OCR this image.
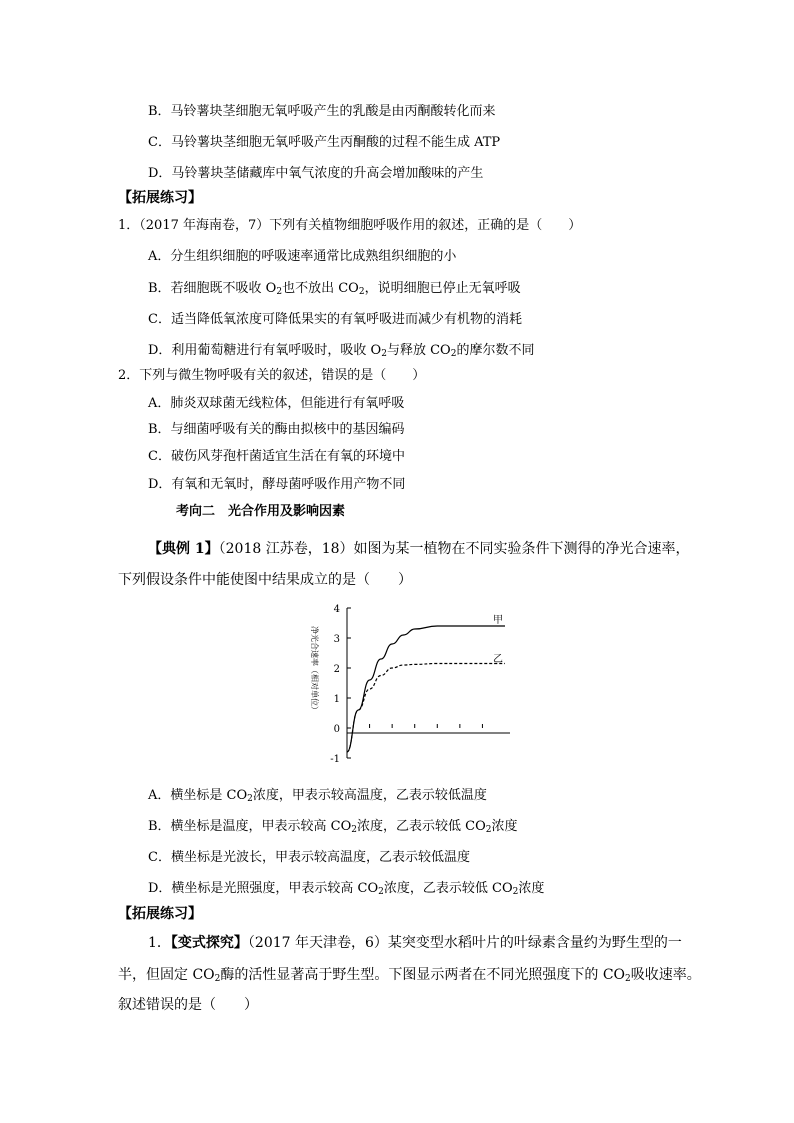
B．马铃薯块茎细胞无氧呼吸产生的乳酸是由丙酮酸转化而来
C．马铃薯块茎细胞无氧呼吸产生丙酮酸的过程不能生成 ATP
D．马铃薯块茎储藏库中氧气浓度的升高会增加酸味的产生
【拓展练习】
1．（2017 年海南卷，7）下列有关植物细胞呼吸作用的叙述，正确的是（　　）
A．分生组织细胞的呼吸速率通常比成熟组织细胞的小
B．若细胞既不吸收 $O_2$也不放出 $CO_2$，说明细胞已停止无氧呼吸
C．适当降低氧浓度可降低果实的有氧呼吸进而减少有机物的消耗
D．利用葡萄糖进行有氧呼吸时，吸收 $O_2$与释放 $CO_2$的摩尔数不同
2．下列与微生物呼吸有关的叙述，错误的是（　　）
A．肺炎双球菌无线粒体，但能进行有氧呼吸
B．与细菌呼吸有关的酶由拟核中的基因编码
C．破伤风芽孢杆菌适宜生活在有氧的环境中
D．有氧和无氧时，酵母菌呼吸作用产物不同
考向二　光合作用及影响因素
【典例 1】（2018 江苏卷，18）如图为某一植物在不同实验条件下测得的净光合速率，
下列假设条件中能使图中结果成立的是（　　）
4
3
2
1
0
-1
净光合速率（相对单位）
甲
乙
A．横坐标是 $CO_2$浓度，甲表示较高温度，乙表示较低温度
B．横坐标是温度，甲表示较高 $CO_2$浓度，乙表示较低 $CO_2$浓度
C．横坐标是光波长，甲表示较高温度，乙表示较低温度
D．横坐标是光照强度，甲表示较高 $CO_2$浓度，乙表示较低 $CO_2$浓度
【拓展练习】
1．【变式探究】（2017 年天津卷，6）某突变型水稻叶片的叶绿素含量约为野生型的一
半，但固定 $CO_2$酶的活性显著高于野生型。下图显示两者在不同光照强度下的 $CO_2$吸收速率。
叙述错误的是（　　）
